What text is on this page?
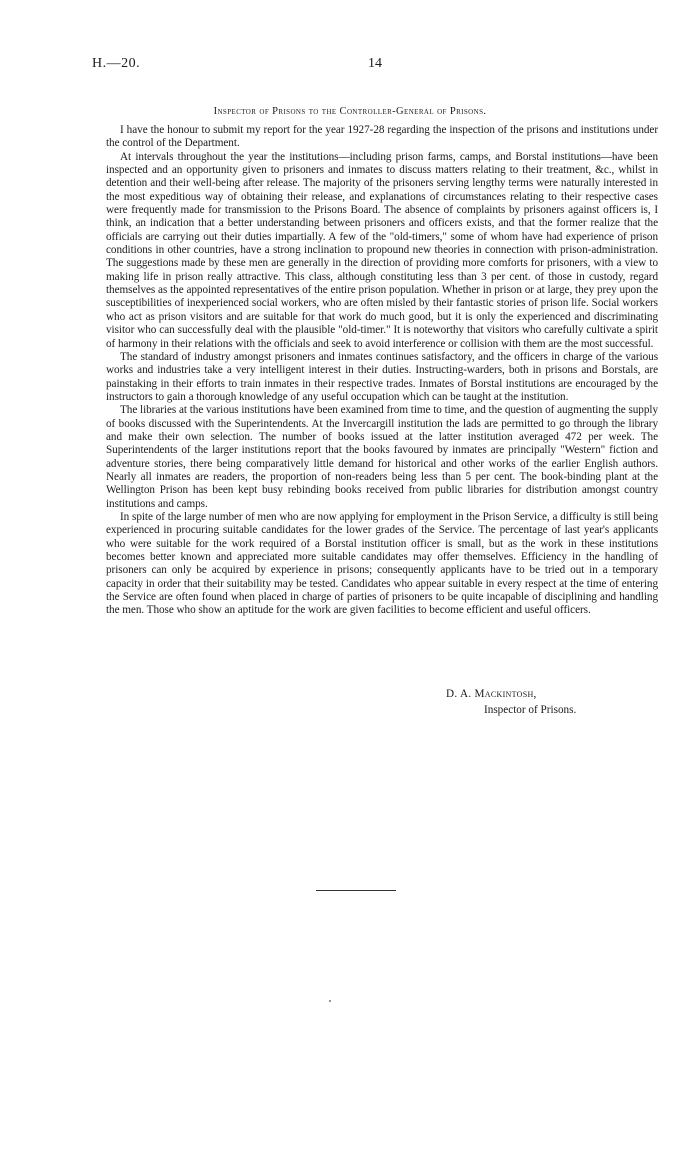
H.—20.	14
Inspector of Prisons to the Controller-General of Prisons.

I have the honour to submit my report for the year 1927-28 regarding the inspection of the prisons and institutions under the control of the Department.

At intervals throughout the year the institutions—including prison farms, camps, and Borstal institutions—have been inspected and an opportunity given to prisoners and inmates to discuss matters relating to their treatment, &c., whilst in detention and their well-being after release. The majority of the prisoners serving lengthy terms were naturally interested in the most expeditious way of obtaining their release, and explanations of circumstances relating to their respective cases were frequently made for transmission to the Prisons Board. The absence of complaints by prisoners against officers is, I think, an indication that a better understanding between prisoners and officers exists, and that the former realize that the officials are carrying out their duties impartially. A few of the "old-timers," some of whom have had experience of prison conditions in other countries, have a strong inclination to propound new theories in connection with prison-administration. The suggestions made by these men are generally in the direction of providing more comforts for prisoners, with a view to making life in prison really attractive. This class, although constituting less than 3 per cent. of those in custody, regard themselves as the appointed representatives of the entire prison population. Whether in prison or at large, they prey upon the susceptibilities of inexperienced social workers, who are often misled by their fantastic stories of prison life. Social workers who act as prison visitors and are suitable for that work do much good, but it is only the experienced and discriminating visitor who can successfully deal with the plausible "old-timer." It is noteworthy that visitors who carefully cultivate a spirit of harmony in their relations with the officials and seek to avoid interference or collision with them are the most successful.

The standard of industry amongst prisoners and inmates continues satisfactory, and the officers in charge of the various works and industries take a very intelligent interest in their duties. Instructing-warders, both in prisons and Borstals, are painstaking in their efforts to train inmates in their respective trades. Inmates of Borstal institutions are encouraged by the instructors to gain a thorough knowledge of any useful occupation which can be taught at the institution.

The libraries at the various institutions have been examined from time to time, and the question of augmenting the supply of books discussed with the Superintendents. At the Invercargill institution the lads are permitted to go through the library and make their own selection. The number of books issued at the latter institution averaged 472 per week. The Superintendents of the larger institutions report that the books favoured by inmates are principally "Western" fiction and adventure stories, there being comparatively little demand for historical and other works of the earlier English authors. Nearly all inmates are readers, the proportion of non-readers being less than 5 per cent. The book-binding plant at the Wellington Prison has been kept busy rebinding books received from public libraries for distribution amongst country institutions and camps.

In spite of the large number of men who are now applying for employment in the Prison Service, a difficulty is still being experienced in procuring suitable candidates for the lower grades of the Service. The percentage of last year's applicants who were suitable for the work required of a Borstal institution officer is small, but as the work in these institutions becomes better known and appreciated more suitable candidates may offer themselves. Efficiency in the handling of prisoners can only be acquired by experience in prisons; consequently applicants have to be tried out in a temporary capacity in order that their suitability may be tested. Candidates who appear suitable in every respect at the time of entering the Service are often found when placed in charge of parties of prisoners to be quite incapable of disciplining and handling the men. Those who show an aptitude for the work are given facilities to become efficient and useful officers.

D. A. Mackintosh,
Inspector of Prisons.
